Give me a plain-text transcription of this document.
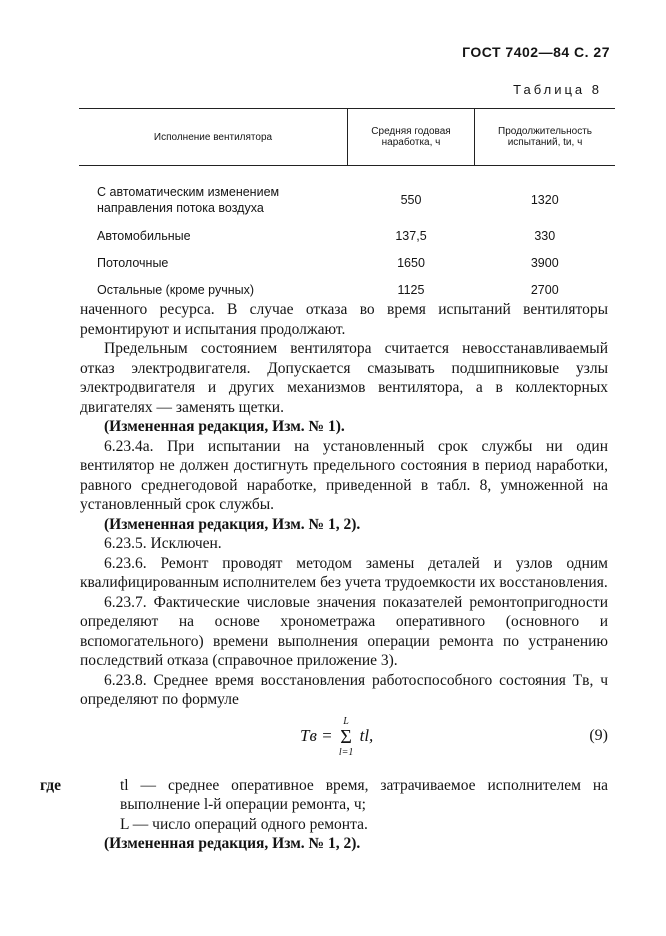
ГОСТ 7402—84 С. 27
Таблица 8
Исполнение вентилятора	Средняя годовая наработка, ч	Продолжительность испытаний, tи, ч
С автоматическим изменением направления потока воздуха	550	1320
Автомобильные	137,5	330
Потолочные	1650	3900
Остальные (кроме ручных)	1125	2700

наченного ресурса. В случае отказа во время испытаний вентиляторы ремонтируют и испытания продолжают.

Предельным состоянием вентилятора считается невосстанавливаемый отказ электродвигателя. Допускается смазывать подшипниковые узлы электродвигателя и других механизмов вентилятора, а в коллекторных двигателях — заменять щетки.

(Измененная редакция, Изм. № 1).

6.23.4а. При испытании на установленный срок службы ни один вентилятор не должен достигнуть предельного состояния в период наработки, равного среднегодовой наработке, приведенной в табл. 8, умноженной на установленный срок службы.

(Измененная редакция, Изм. № 1, 2).

6.23.5. Исключен.

6.23.6. Ремонт проводят методом замены деталей и узлов одним квалифицированным исполнителем без учета трудоемкости их восстановления.

6.23.7. Фактические числовые значения показателей ремонтопригодности определяют на основе хронометража оперативного (основного и вспомогательного) времени выполнения операции ремонта по устранению последствий отказа (справочное приложение 3).

6.23.8. Среднее время восстановления работоспособного состояния Tв, ч определяют по формуле

Tв =
L
Σ
l=1
tl,	(9)

где	tl — среднее оперативное время, затрачиваемое исполнителем на выполнение l-й операции ремонта, ч;

L — число операций одного ремонта.

(Измененная редакция, Изм. № 1, 2).
